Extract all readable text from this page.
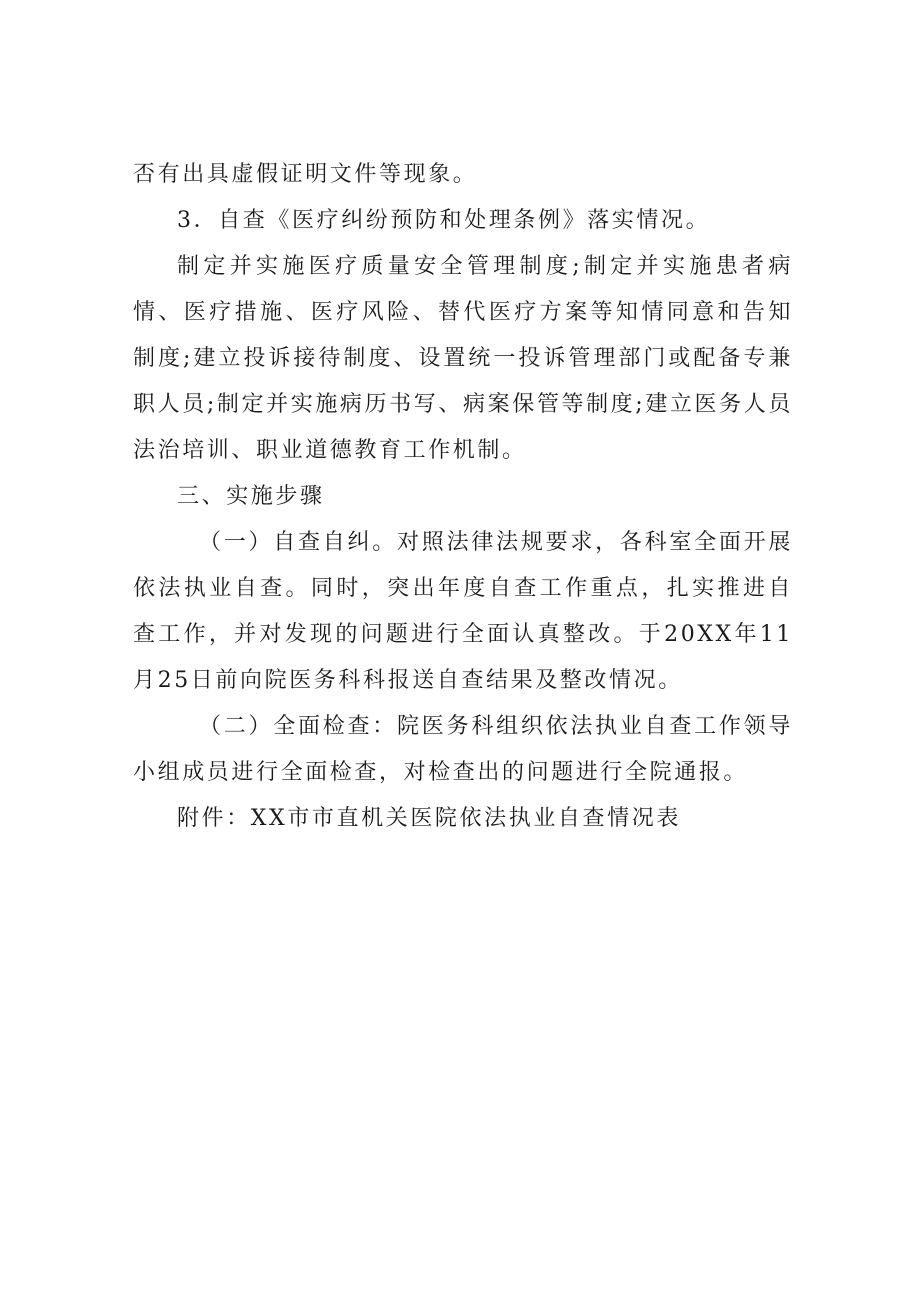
否有出具虚假证明文件等现象。

3．自查《医疗纠纷预防和处理条例》落实情况。

制定并实施医疗质量安全管理制度;制定并实施患者病情、医疗措施、医疗风险、替代医疗方案等知情同意和告知制度;建立投诉接待制度、设置统一投诉管理部门或配备专兼职人员;制定并实施病历书写、病案保管等制度;建立医务人员法治培训、职业道德教育工作机制。

三、实施步骤

（一）自查自纠。对照法律法规要求，各科室全面开展依法执业自查。同时，突出年度自查工作重点，扎实推进自查工作，并对发现的问题进行全面认真整改。于20XX年11月25日前向院医务科科报送自查结果及整改情况。

（二）全面检查：院医务科组织依法执业自查工作领导小组成员进行全面检查，对检查出的问题进行全院通报。

附件：XX市市直机关医院依法执业自查情况表
